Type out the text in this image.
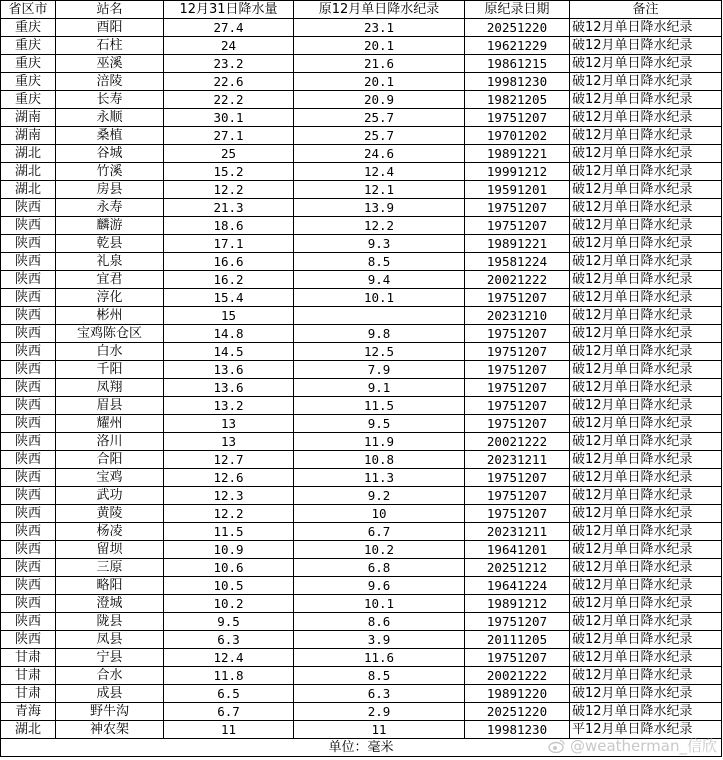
省区市	站名	12月31日降水量	原12月单日降水纪录	原纪录日期	备注
重庆	酉阳	27.4	23.1	20251220	破12月单日降水纪录
重庆	石柱	24	20.1	19621229	破12月单日降水纪录
重庆	巫溪	23.2	21.6	19861215	破12月单日降水纪录
重庆	涪陵	22.6	20.1	19981230	破12月单日降水纪录
重庆	长寿	22.2	20.9	19821205	破12月单日降水纪录
湖南	永顺	30.1	25.7	19751207	破12月单日降水纪录
湖南	桑植	27.1	25.7	19701202	破12月单日降水纪录
湖北	谷城	25	24.6	19891221	破12月单日降水纪录
湖北	竹溪	15.2	12.4	19991212	破12月单日降水纪录
湖北	房县	12.2	12.1	19591201	破12月单日降水纪录
陕西	永寿	21.3	13.9	19751207	破12月单日降水纪录
陕西	麟游	18.6	12.2	19751207	破12月单日降水纪录
陕西	乾县	17.1	9.3	19891221	破12月单日降水纪录
陕西	礼泉	16.6	8.5	19581224	破12月单日降水纪录
陕西	宜君	16.2	9.4	20021222	破12月单日降水纪录
陕西	淳化	15.4	10.1	19751207	破12月单日降水纪录
陕西	彬州	15		20231210	破12月单日降水纪录
陕西	宝鸡陈仓区	14.8	9.8	19751207	破12月单日降水纪录
陕西	白水	14.5	12.5	19751207	破12月单日降水纪录
陕西	千阳	13.6	7.9	19751207	破12月单日降水纪录
陕西	凤翔	13.6	9.1	19751207	破12月单日降水纪录
陕西	眉县	13.2	11.5	19751207	破12月单日降水纪录
陕西	耀州	13	9.5	19751207	破12月单日降水纪录
陕西	洛川	13	11.9	20021222	破12月单日降水纪录
陕西	合阳	12.7	10.8	20231211	破12月单日降水纪录
陕西	宝鸡	12.6	11.3	19751207	破12月单日降水纪录
陕西	武功	12.3	9.2	19751207	破12月单日降水纪录
陕西	黄陵	12.2	10	19751207	破12月单日降水纪录
陕西	杨凌	11.5	6.7	20231211	破12月单日降水纪录
陕西	留坝	10.9	10.2	19641201	破12月单日降水纪录
陕西	三原	10.6	6.8	20251212	破12月单日降水纪录
陕西	略阳	10.5	9.6	19641224	破12月单日降水纪录
陕西	澄城	10.2	10.1	19891212	破12月单日降水纪录
陕西	陇县	9.5	8.6	19751207	破12月单日降水纪录
陕西	凤县	6.3	3.9	20111205	破12月单日降水纪录
甘肃	宁县	12.4	11.6	19751207	破12月单日降水纪录
甘肃	合水	11.8	8.5	20021222	破12月单日降水纪录
甘肃	成县	6.5	6.3	19891220	破12月单日降水纪录
青海	野牛沟	6.7	2.9	20251220	破12月单日降水纪录
湖北	神农架	11	11	19981230	平12月单日降水纪录
单位：毫米						@weatherman_信欣
